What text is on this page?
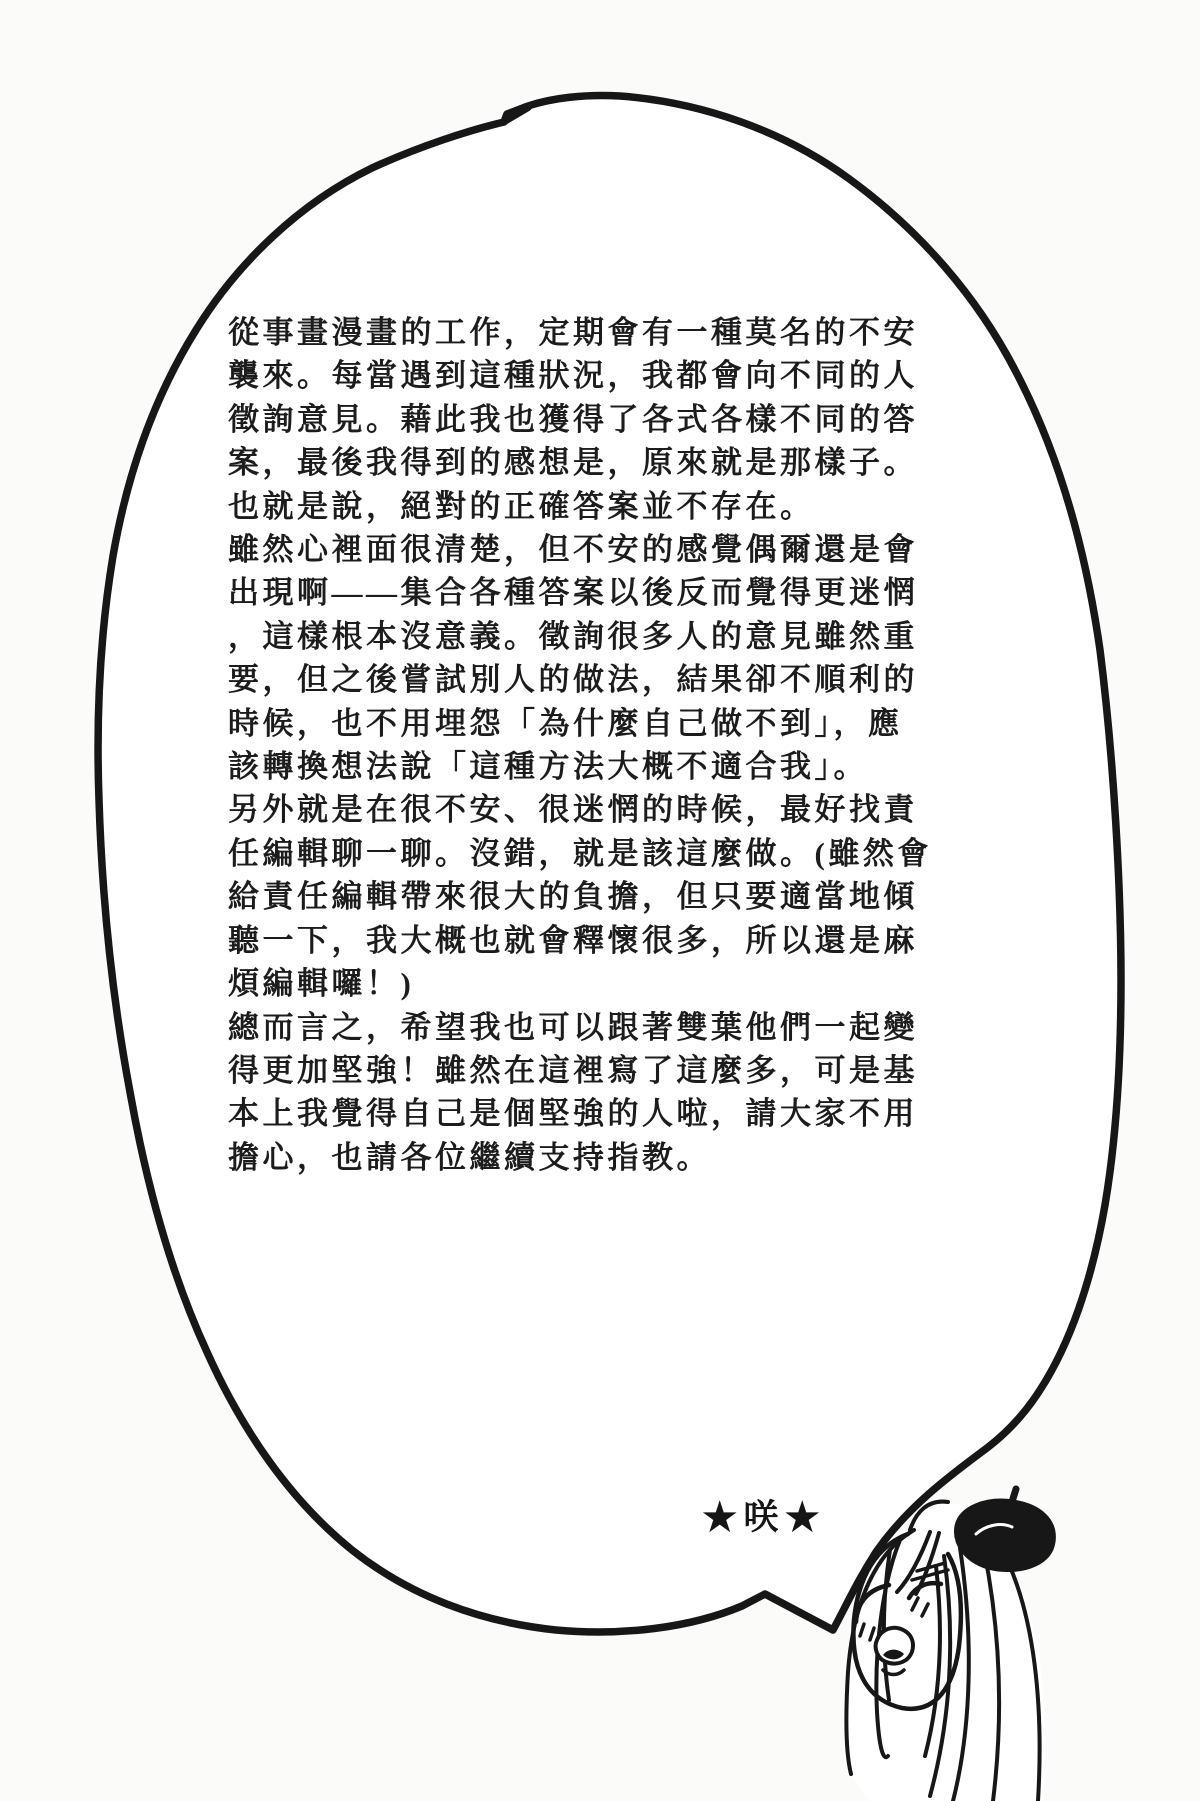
從事畫漫畫的工作，定期會有一種莫名的不安
襲來。每當遇到這種狀況，我都會向不同的人
徵詢意見。藉此我也獲得了各式各樣不同的答
案，最後我得到的感想是，原來就是那樣子。
也就是說，絕對的正確答案並不存在。
雖然心裡面很清楚，但不安的感覺偶爾還是會
出現啊——集合各種答案以後反而覺得更迷惘
，這樣根本沒意義。徵詢很多人的意見雖然重
要，但之後嘗試別人的做法，結果卻不順利的
時候，也不用埋怨「為什麼自己做不到」，應
該轉換想法說「這種方法大概不適合我」。
另外就是在很不安、很迷惘的時候，最好找責
任編輯聊一聊。沒錯，就是該這麼做。(雖然會
給責任編輯帶來很大的負擔，但只要適當地傾
聽一下，我大概也就會釋懷很多，所以還是麻
煩編輯囉！)
總而言之，希望我也可以跟著雙葉他們一起變
得更加堅強！雖然在這裡寫了這麼多，可是基
本上我覺得自己是個堅強的人啦，請大家不用
擔心，也請各位繼續支持指教。
★ 咲 ★
